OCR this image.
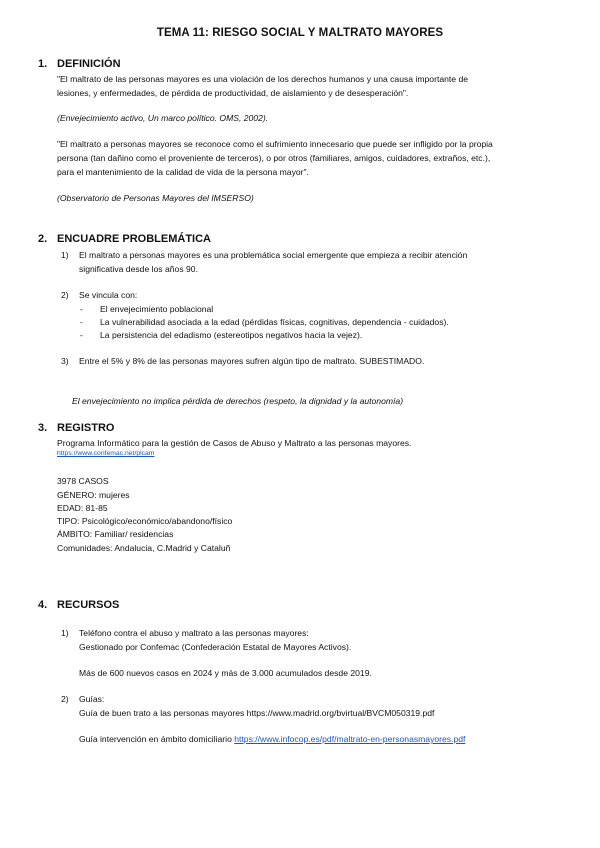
TEMA 11: RIESGO SOCIAL Y MALTRATO MAYORES
1. DEFINICIÓN
"El maltrato de las personas mayores es una violación de los derechos humanos y una causa importante de
lesiones, y enfermedades, de pérdida de productividad, de aislamiento y de desesperación".
(Envejecimiento activo, Un marco político. OMS, 2002).
"El maltrato a personas mayores se reconoce como el sufrimiento innecesario que puede ser infligido por la propia
persona (tan dañino como el proveniente de terceros), o por otros (familiares, amigos, cuidadores, extraños, etc.),
para el mantenimiento de la calidad de vida de la persona mayor".
(Observatorio de Personas Mayores del IMSERSO)
2. ENCUADRE PROBLEMÁTICA
1) El maltrato a personas mayores es una problemática social emergente que empieza a recibir atención
significativa desde los años 90.
2) Se vincula con:
- El envejecimiento poblacional
- La vulnerabilidad asociada a la edad (pérdidas físicas, cognitivas, dependencia - cuidados).
- La persistencia del edadismo (estereotipos negativos hacia la vejez).
3) Entre el 5% y 8% de las personas mayores sufren algún tipo de maltrato. SUBESTIMADO.
El envejecimiento no implica pérdida de derechos (respeto, la dignidad y la autonomía)
3. REGISTRO
Programa Informático para la gestión de Casos de Abuso y Maltrato a las personas mayores.
https://www.confemac.net/plcam
3978 CASOS
GÉNERO: mujeres
EDAD: 81-85
TIPO: Psicológico/económico/abandono/físico
ÁMBITO: Familiar/ residencias
Comunidades: Andalucia, C.Madrid y Cataluñ
4. RECURSOS
1) Teléfono contra el abuso y maltrato a las personas mayores:
Gestionado por Confemac (Confederación Estatal de Mayores Activos).
Más de 600 nuevos casos en 2024 y más de 3.000 acumulados desde 2019.
2) Guías:
Guía de buen trato a las personas mayores https://www.madrid.org/bvirtual/BVCM050319.pdf
Guía intervención en ámbito domiciliario https://www.infocop.es/pdf/maltrato-en-personasmayores.pdf
